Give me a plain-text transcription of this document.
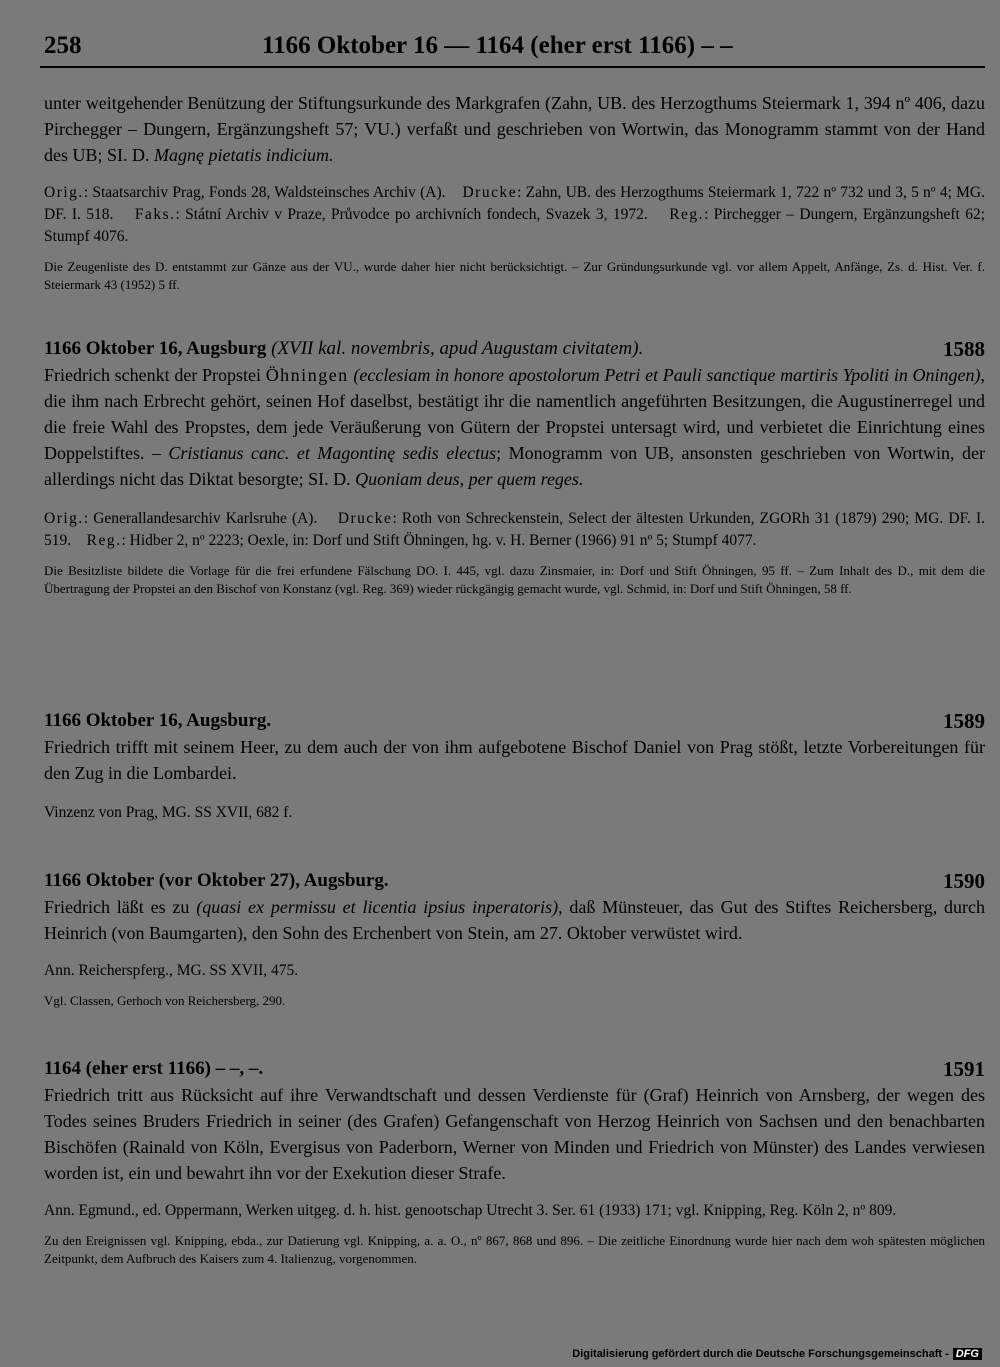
258	1166 Oktober 16 — 1164 (eher erst 1166) – –

unter weitgehender Benützung der Stiftungsurkunde des Markgrafen (Zahn, UB. des Herzogthums Steiermark 1, 394 nº 406, dazu Pirchegger – Dungern, Ergänzungsheft 57; VU.) verfaßt und geschrieben von Wortwin, das Monogramm stammt von der Hand des UB; SI. D. Magnę pietatis indicium.

Orig.: Staatsarchiv Prag, Fonds 28, Waldsteinsches Archiv (A). Drucke: Zahn, UB. des Herzogthums Steiermark 1, 722 nº 732 und 3, 5 nº 4; MG. DF. I. 518. Faks.: Státní Archiv v Praze, Průvodce po archivních fondech, Svazek 3, 1972. Reg.: Pirchegger – Dungern, Ergänzungsheft 62; Stumpf 4076.

Die Zeugenliste des D. entstammt zur Gänze aus der VU., wurde daher hier nicht berücksichtigt. – Zur Gründungsurkunde vgl. vor allem Appelt, Anfänge, Zs. d. Hist. Ver. f. Steiermark 43 (1952) 5 ff.

1166 Oktober 16, Augsburg (XVII kal. novembris, apud Augustam civitatem).	1588

Friedrich schenkt der Propstei Öhningen (ecclesiam in honore apostolorum Petri et Pauli sanctique martiris Ypoliti in Oningen), die ihm nach Erbrecht gehört, seinen Hof daselbst, bestätigt ihr die namentlich angeführten Besitzungen, die Augustinerregel und die freie Wahl des Propstes, dem jede Veräußerung von Gütern der Propstei untersagt wird, und verbietet die Einrichtung eines Doppelstiftes. – Cristianus canc. et Magontinę sedis electus; Monogramm von UB, ansonsten geschrieben von Wortwin, der allerdings nicht das Diktat besorgte; SI. D. Quoniam deus, per quem reges.

Orig.: Generallandesarchiv Karlsruhe (A). Drucke: Roth von Schreckenstein, Select der ältesten Urkunden, ZGORh 31 (1879) 290; MG. DF. I. 519. Reg.: Hidber 2, nº 2223; Oexle, in: Dorf und Stift Öhningen, hg. v. H. Berner (1966) 91 nº 5; Stumpf 4077.

Die Besitzliste bildete die Vorlage für die frei erfundene Fälschung DO. I. 445, vgl. dazu Zinsmaier, in: Dorf und Stift Öhningen, 95 ff. – Zum Inhalt des D., mit dem die Übertragung der Propstei an den Bischof von Konstanz (vgl. Reg. 369) wieder rückgängig gemacht wurde, vgl. Schmid, in: Dorf und Stift Öhningen, 58 ff.

1166 Oktober 16, Augsburg.	1589

Friedrich trifft mit seinem Heer, zu dem auch der von ihm aufgebotene Bischof Daniel von Prag stößt, letzte Vorbereitungen für den Zug in die Lombardei.

Vinzenz von Prag, MG. SS XVII, 682 f.

1166 Oktober (vor Oktober 27), Augsburg.	1590

Friedrich läßt es zu (quasi ex permissu et licentia ipsius inperatoris), daß Münsteuer, das Gut des Stiftes Reichersberg, durch Heinrich (von Baumgarten), den Sohn des Erchenbert von Stein, am 27. Oktober verwüstet wird.

Ann. Reicherspferg., MG. SS XVII, 475.

Vgl. Classen, Gerhoch von Reichersberg, 290.

1164 (eher erst 1166) – –, –.	1591

Friedrich tritt aus Rücksicht auf ihre Verwandtschaft und dessen Verdienste für (Graf) Heinrich von Arnsberg, der wegen des Todes seines Bruders Friedrich in seiner (des Grafen) Gefangenschaft von Herzog Heinrich von Sachsen und den benachbarten Bischöfen (Rainald von Köln, Evergisus von Paderborn, Werner von Minden und Friedrich von Münster) des Landes verwiesen worden ist, ein und bewahrt ihn vor der Exekution dieser Strafe.

Ann. Egmund., ed. Oppermann, Werken uitgeg. d. h. hist. genootschap Utrecht 3. Ser. 61 (1933) 171; vgl. Knipping, Reg. Köln 2, nº 809.

Zu den Ereignissen vgl. Knipping, ebda., zur Datierung vgl. Knipping, a. a. O., nº 867, 868 und 896. – Die zeitliche Einordnung wurde hier nach dem woh spätesten möglichen Zeitpunkt, dem Aufbruch des Kaisers zum 4. Italienzug, vorgenommen.

Digitalisierung gefördert durch die Deutsche Forschungsgemeinschaft - DFG
